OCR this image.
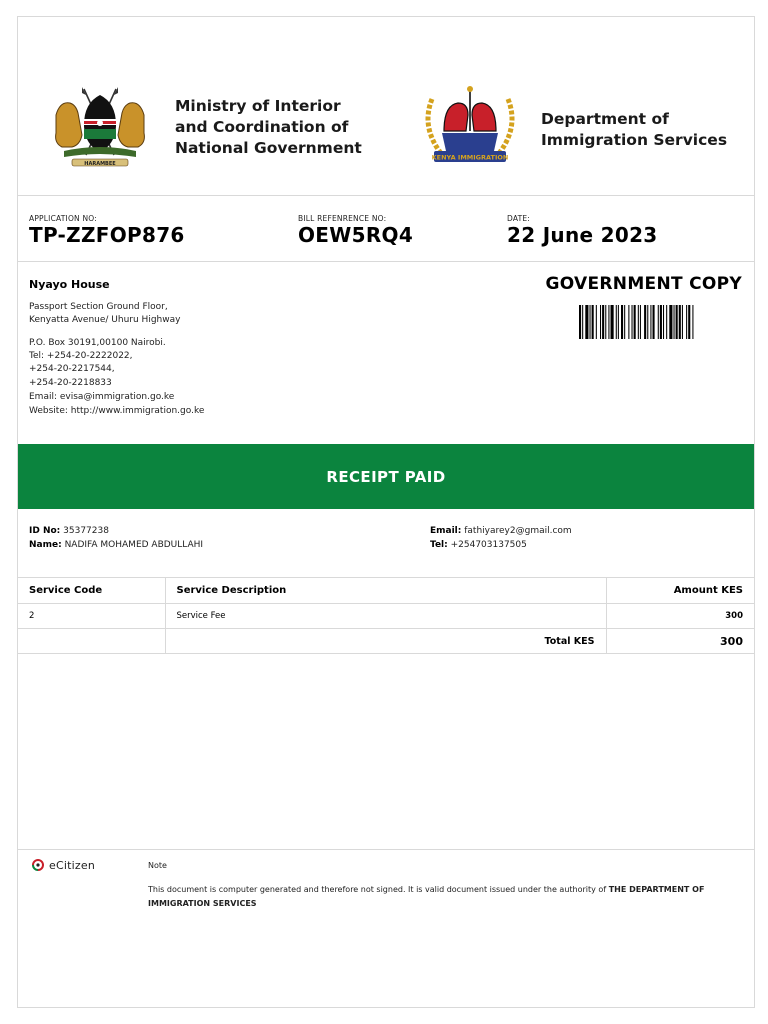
HARAMBEE
Ministry of Interior
and Coordination of
National Government
KENYA IMMIGRATION
Department of
Immigration Services
APPLICATION NO:
TP-ZZFOP876
BILL REFENRENCE NO:
OEW5RQ4
DATE:
22 June 2023
Nyayo House
Passport Section Ground Floor,
Kenyatta Avenue/ Uhuru Highway
P.O. Box 30191,00100 Nairobi.
Tel: +254-20-2222022,
+254-20-2217544,
+254-20-2218833
Email: evisa@immigration.go.ke
Website: http://www.immigration.go.ke
GOVERNMENT COPY
RECEIPT PAID
ID No: 35377238
Name: NADIFA MOHAMED ABDULLAHI
Email: fathiyarey2@gmail.com
Tel: +254703137505
Service Code	Service Description	Amount KES
2	Service Fee	300
	Total KES	300
eCitizen	Note
This document is computer generated and therefore not signed. It is valid document issued under the authority of THE DEPARTMENT OF IMMIGRATION SERVICES
